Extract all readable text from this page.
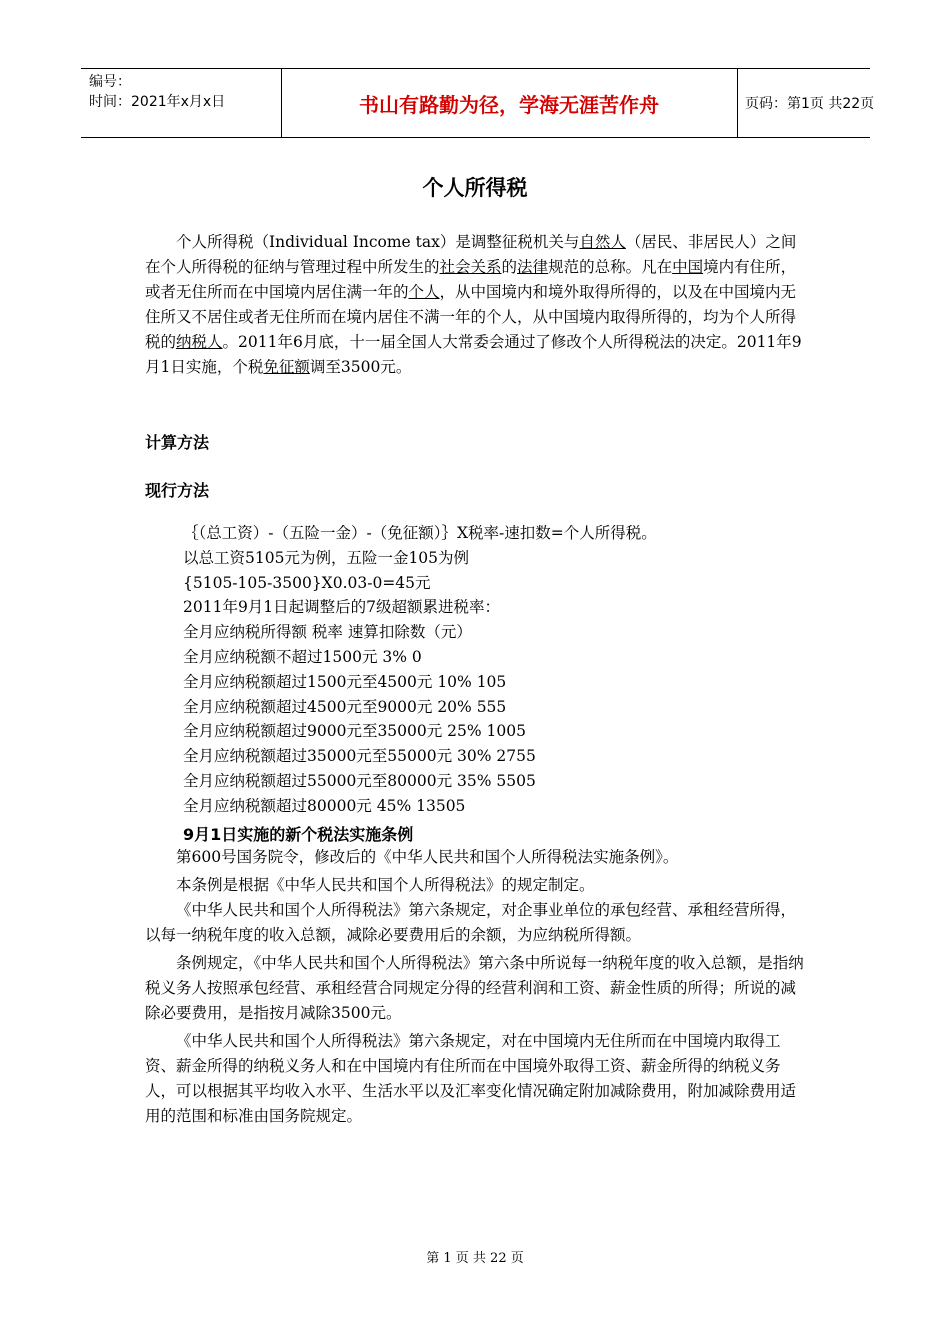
编号：
时间：2021年x月x日	书山有路勤为径，学海无涯苦作舟	页码：第1页 共22页
个人所得税

个人所得税（Individual Income tax）是调整征税机关与自然人（居民、非居民人）之间在个人所得税的征纳与管理过程中所发生的社会关系的法律规范的总称。凡在中国境内有住所，或者无住所而在中国境内居住满一年的个人，从中国境内和境外取得所得的，以及在中国境内无住所又不居住或者无住所而在境内居住不满一年的个人，从中国境内取得所得的，均为个人所得税的纳税人。2011年6月底，十一届全国人大常委会通过了修改个人所得税法的决定。2011年9月1日实施，个税免征额调至3500元。

计算方法
现行方法
｛（总工资）-（五险一金）-（免征额）｝X税率-速扣数=个人所得税。
以总工资5105元为例，五险一金105为例
{5105-105-3500}X0.03-0=45元
2011年9月1日起调整后的7级超额累进税率：
全月应纳税所得额 税率 速算扣除数（元）
全月应纳税额不超过1500元 3% 0
全月应纳税额超过1500元至4500元 10% 105
全月应纳税额超过4500元至9000元 20% 555
全月应纳税额超过9000元至35000元 25% 1005
全月应纳税额超过35000元至55000元 30% 2755
全月应纳税额超过55000元至80000元 35% 5505
全月应纳税额超过80000元 45% 13505
9月1日实施的新个税法实施条例

第600号国务院令，修改后的《中华人民共和国个人所得税法实施条例》。

本条例是根据《中华人民共和国个人所得税法》的规定制定。

《中华人民共和国个人所得税法》第六条规定，对企事业单位的承包经营、承租经营所得，以每一纳税年度的收入总额，减除必要费用后的余额，为应纳税所得额。

条例规定，《中华人民共和国个人所得税法》第六条中所说每一纳税年度的收入总额，是指纳税义务人按照承包经营、承租经营合同规定分得的经营利润和工资、薪金性质的所得；所说的减除必要费用，是指按月减除3500元。

《中华人民共和国个人所得税法》第六条规定，对在中国境内无住所而在中国境内取得工资、薪金所得的纳税义务人和在中国境内有住所而在中国境外取得工资、薪金所得的纳税义务人，可以根据其平均收入水平、生活水平以及汇率变化情况确定附加减除费用，附加减除费用适用的范围和标准由国务院规定。

第 1 页 共 22 页
